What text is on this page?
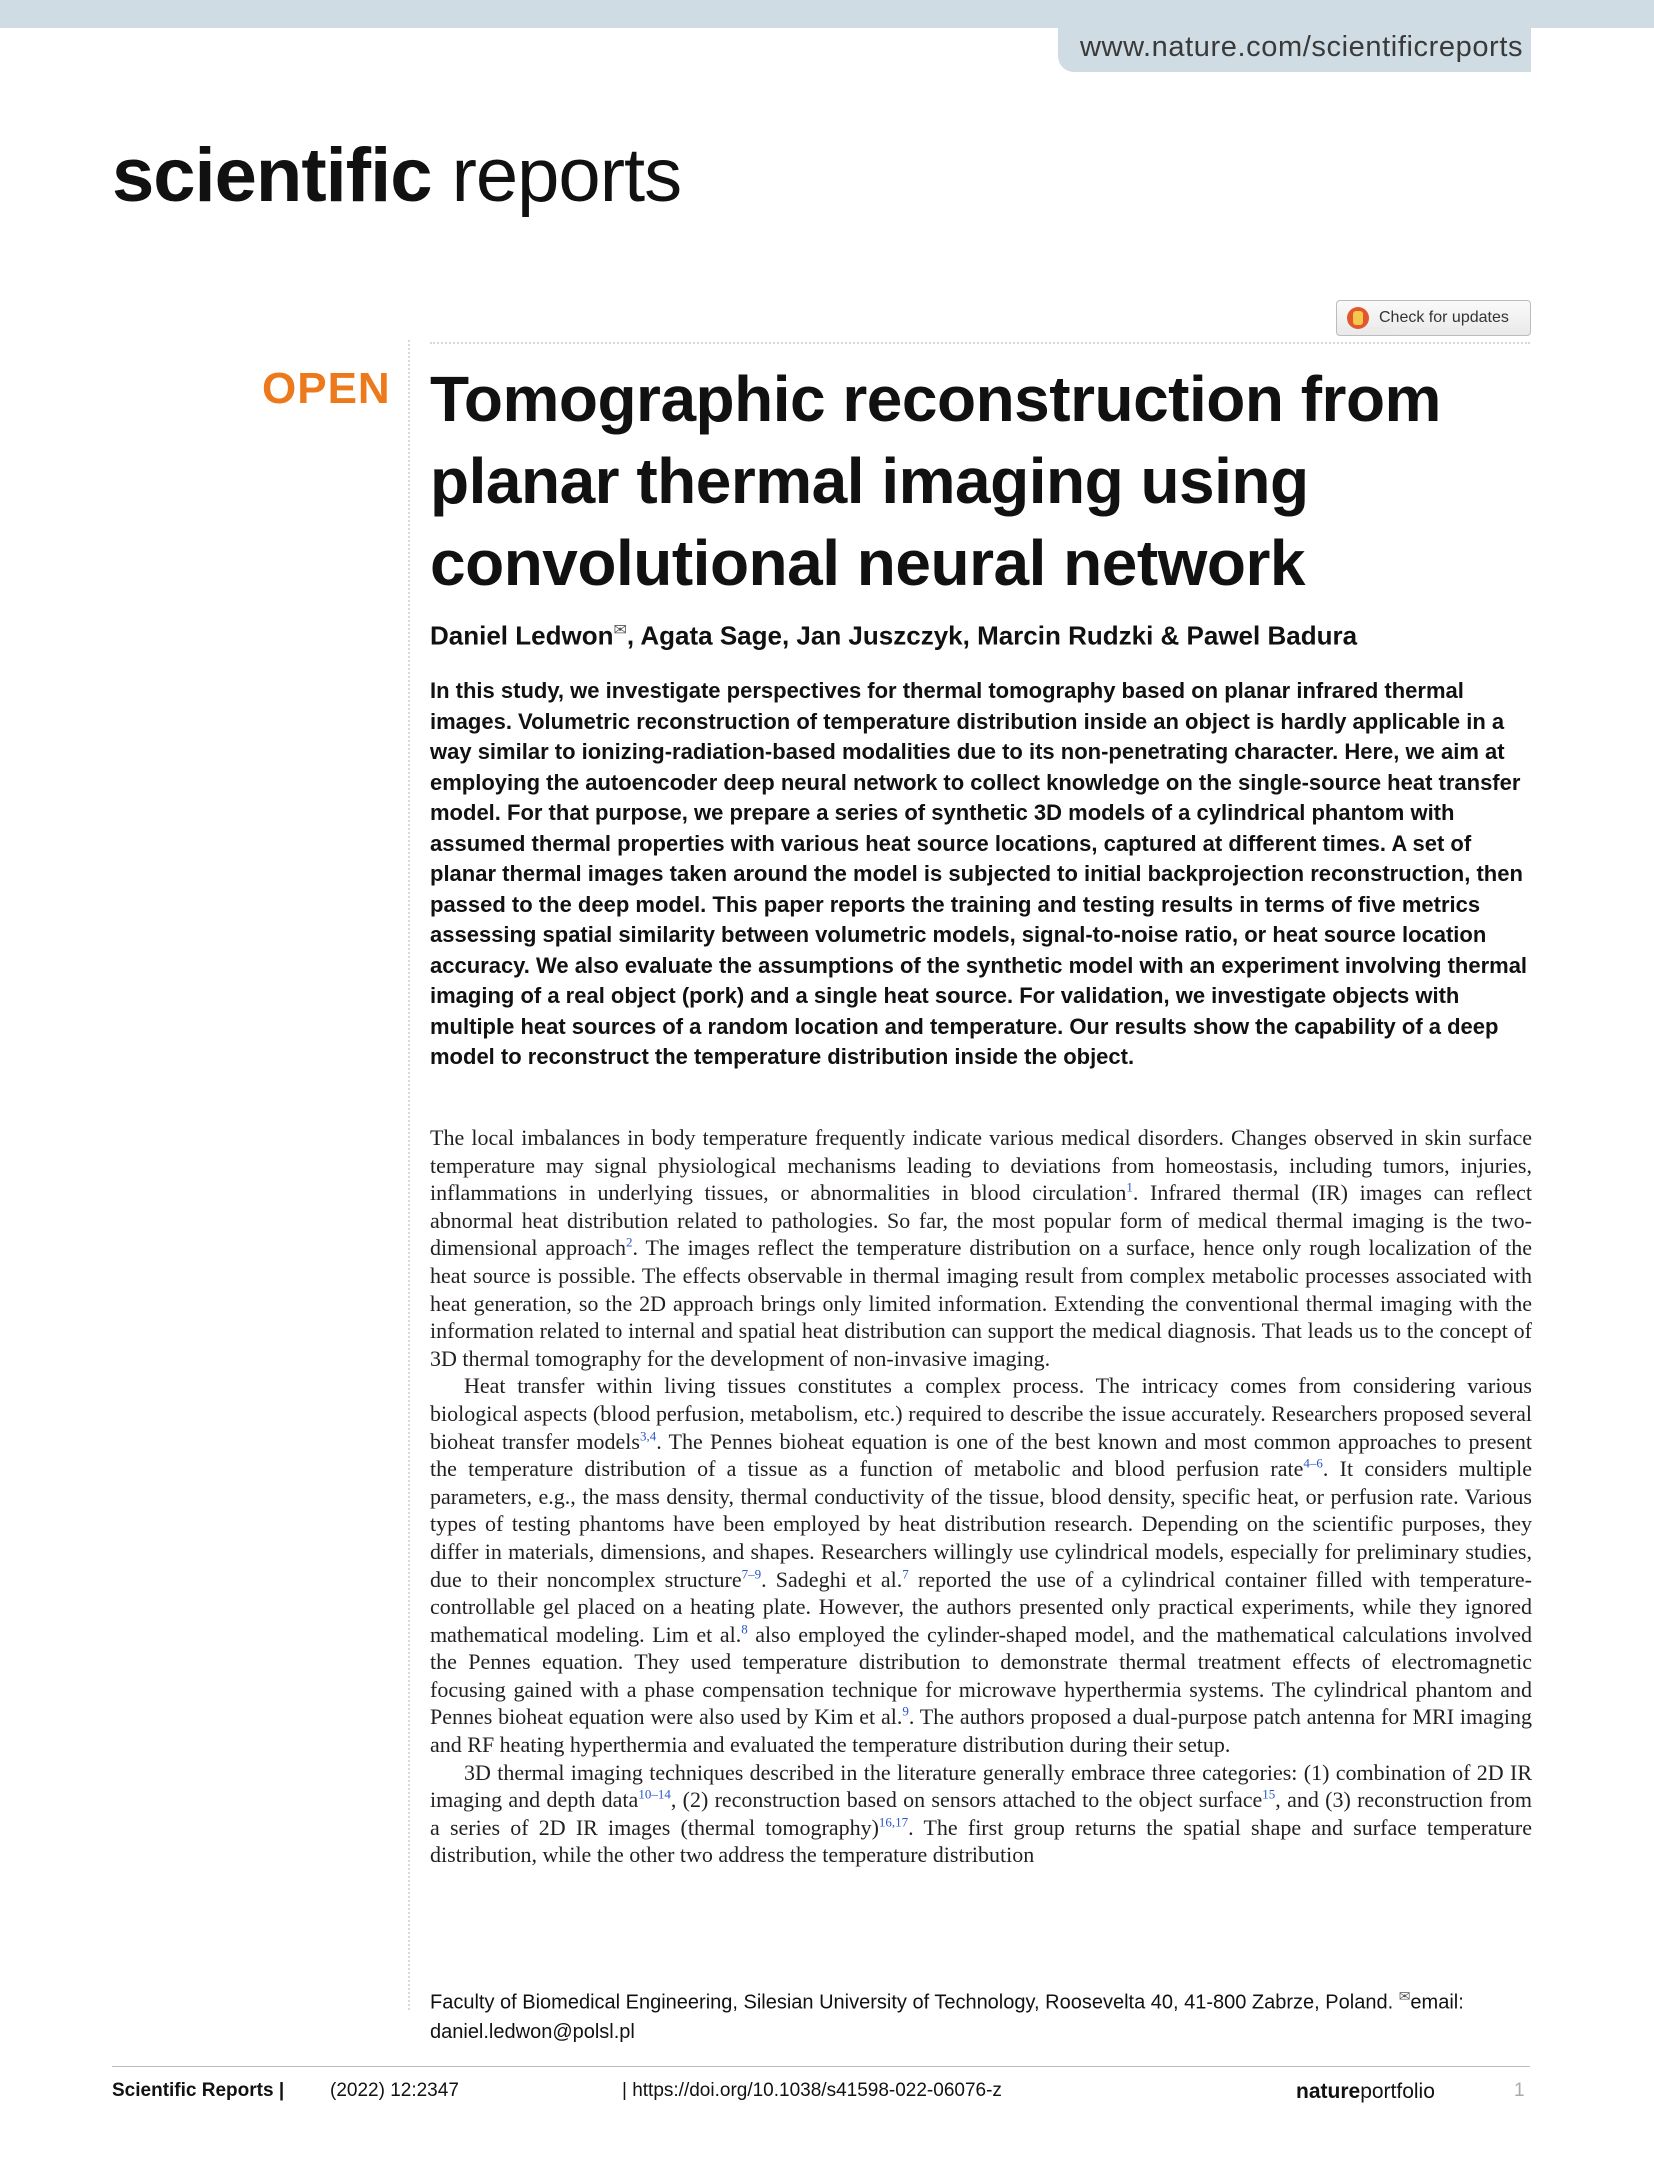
www.nature.com/scientificreports
scientific reports
Check for updates
OPEN Tomographic reconstruction from planar thermal imaging using convolutional neural network
Daniel Ledwon✉, Agata Sage, Jan Juszczyk, Marcin Rudzki & Pawel Badura
In this study, we investigate perspectives for thermal tomography based on planar infrared thermal images. Volumetric reconstruction of temperature distribution inside an object is hardly applicable in a way similar to ionizing-radiation-based modalities due to its non-penetrating character. Here, we aim at employing the autoencoder deep neural network to collect knowledge on the single-source heat transfer model. For that purpose, we prepare a series of synthetic 3D models of a cylindrical phantom with assumed thermal properties with various heat source locations, captured at different times. A set of planar thermal images taken around the model is subjected to initial backprojection reconstruction, then passed to the deep model. This paper reports the training and testing results in terms of five metrics assessing spatial similarity between volumetric models, signal-to-noise ratio, or heat source location accuracy. We also evaluate the assumptions of the synthetic model with an experiment involving thermal imaging of a real object (pork) and a single heat source. For validation, we investigate objects with multiple heat sources of a random location and temperature. Our results show the capability of a deep model to reconstruct the temperature distribution inside the object.

The local imbalances in body temperature frequently indicate various medical disorders. Changes observed in skin surface temperature may signal physiological mechanisms leading to deviations from homeostasis, including tumors, injuries, inflammations in underlying tissues, or abnormalities in blood circulation$^1$. Infrared thermal (IR) images can reflect abnormal heat distribution related to pathologies. So far, the most popular form of medical thermal imaging is the two-dimensional approach$^2$. The images reflect the temperature distribution on a surface, hence only rough localization of the heat source is possible. The effects observable in thermal imaging result from complex metabolic processes associated with heat generation, so the 2D approach brings only limited information. Extending the conventional thermal imaging with the information related to internal and spatial heat distribution can support the medical diagnosis. That leads us to the concept of 3D thermal tomography for the development of non-invasive imaging.

Heat transfer within living tissues constitutes a complex process. The intricacy comes from considering various biological aspects (blood perfusion, metabolism, etc.) required to describe the issue accurately. Researchers proposed several bioheat transfer models$^{3,4}$. The Pennes bioheat equation is one of the best known and most common approaches to present the temperature distribution of a tissue as a function of metabolic and blood perfusion rate$^{4-6}$. It considers multiple parameters, e.g., the mass density, thermal conductivity of the tissue, blood density, specific heat, or perfusion rate. Various types of testing phantoms have been employed by heat distribution research. Depending on the scientific purposes, they differ in materials, dimensions, and shapes. Researchers willingly use cylindrical models, especially for preliminary studies, due to their noncomplex structure$^{7-9}$. Sadeghi et al.$^7$ reported the use of a cylindrical container filled with temperature-controllable gel placed on a heating plate. However, the authors presented only practical experiments, while they ignored mathematical modeling. Lim et al.$^8$ also employed the cylinder-shaped model, and the mathematical calculations involved the Pennes equation. They used temperature distribution to demonstrate thermal treatment effects of electromagnetic focusing gained with a phase compensation technique for microwave hyperthermia systems. The cylindrical phantom and Pennes bioheat equation were also used by Kim et al.$^9$. The authors proposed a dual-purpose patch antenna for MRI imaging and RF heating hyperthermia and evaluated the temperature distribution during their setup.

3D thermal imaging techniques described in the literature generally embrace three categories: (1) combination of 2D IR imaging and depth data$^{10-14}$, (2) reconstruction based on sensors attached to the object surface$^{15}$, and (3) reconstruction from a series of 2D IR images (thermal tomography)$^{16,17}$. The first group returns the spatial shape and surface temperature distribution, while the other two address the temperature distribution

Faculty of Biomedical Engineering, Silesian University of Technology, Roosevelta 40, 41-800 Zabrze, Poland. ✉email:
daniel.ledwon@polsl.pl
Scientific Reports | (2022) 12:2347	| https://doi.org/10.1038/s41598-022-06076-z	natureportfolio	1
